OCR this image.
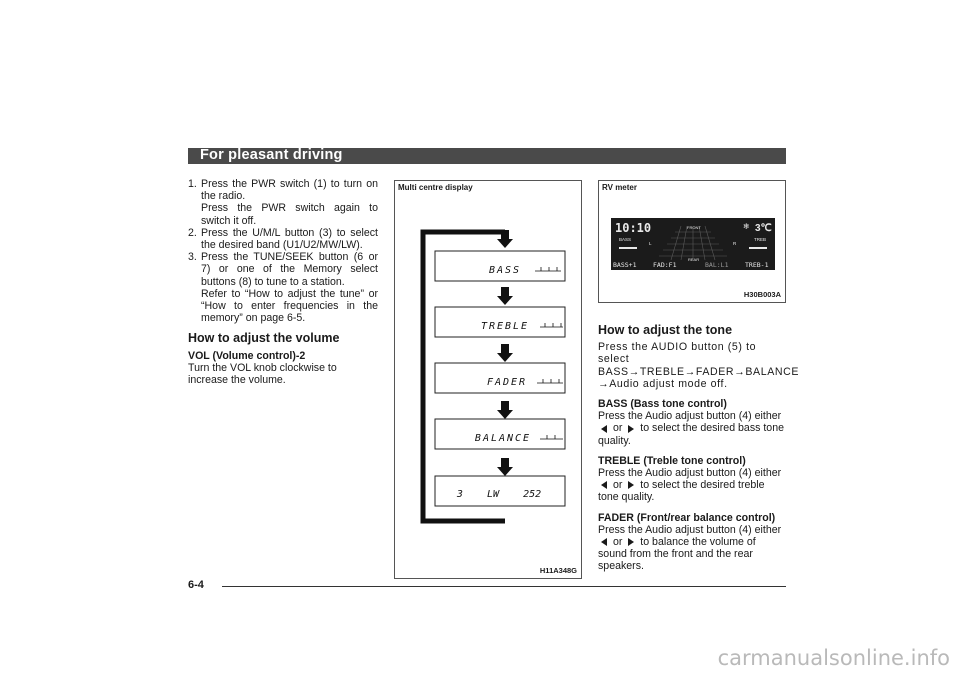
For pleasant driving
1. Press the PWR switch (1) to turn on the radio.
Press the PWR switch again to switch it off.
2. Press the U/M/L button (3) to select the desired band (U1/U2/MW/LW).
3. Press the TUNE/SEEK button (6 or 7) or one of the Memory select buttons (8) to tune to a station.
Refer to “How to adjust the tune” or “How to enter frequencies in the memory” on page 6-5.
How to adjust the volume
VOL (Volume control)-2

Turn the VOL knob clockwise to increase the volume.

Multi centre display
BASS
TREBLE
FADER
BALANCE
3    LW    252
H11A348G
RV meter
10:10	3℃
❄
BASS	TREB
FRONT
REAR
L	R
BASS+1	FAD:F1	BAL:L1	TREB-1
H30B003A
How to adjust the tone

Press the AUDIO button (5) to select BASS→TREBLE→FADER→BALANCE →Audio adjust mode off.

BASS (Bass tone control)

Press the Audio adjust button (4) either  or to select the desired bass tone quality.

TREBLE (Treble tone control)

Press the Audio adjust button (4) either  or to select the desired treble tone quality.

FADER (Front/rear balance control)

Press the Audio adjust button (4) either  or to balance the volume of sound from the front and the rear speakers.

6-4
carmanualsonline.info
